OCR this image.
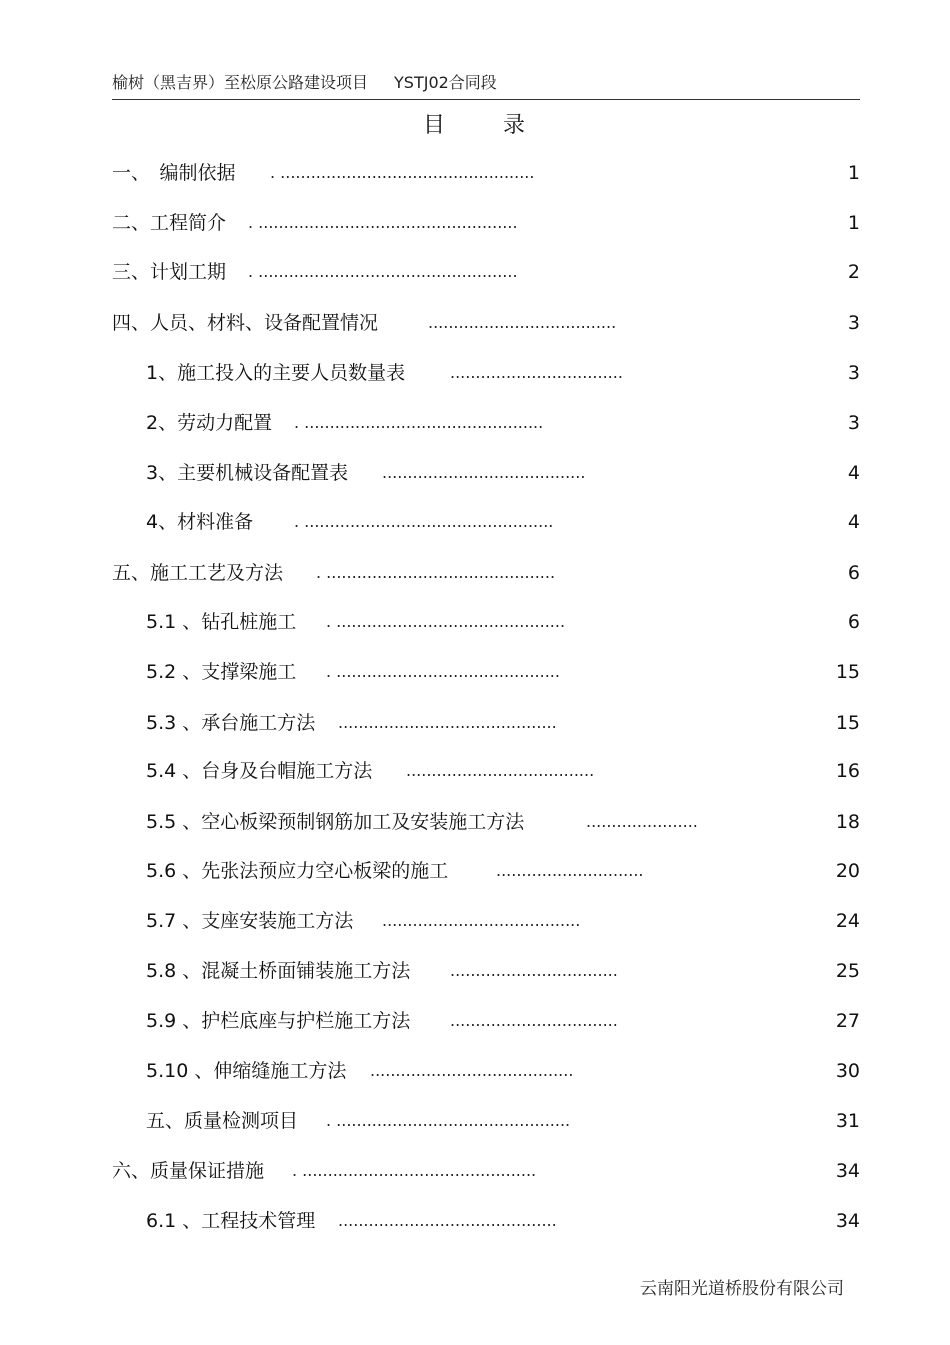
榆树（黑吉界）至松原公路建设项目 YSTJ02合同段
目	录
一、　编制依据 . ..................................................	1
二、工程简介 . ...................................................	1
三、计划工期 . ...................................................	2
四、人员、材料、设备配置情况	.....................................	3
1、施工投入的主要人员数量表	..................................	3
2、劳动力配置 . ...............................................	3
3、主要机械设备配置表 ........................................	4
4、材料准备	. .................................................	4
五、施工工艺及方法 . .............................................	6
5.1 、钻孔桩施工 . .............................................	6
5.2 、支撑梁施工 . ............................................	15
5.3 、承台施工方法 ...........................................	15
5.4 、台身及台帽施工方法 .....................................	16
5.5 、空心板梁预制钢筋加工及安装施工方法	......................	18
5.6 、先张法预应力空心板梁的施工	.............................	20
5.7 、支座安装施工方法 .......................................	24
5.8 、混凝土桥面铺装施工方法 .................................	25
5.9 、护栏底座与护栏施工方法 .................................	27
5.10 、伸缩缝施工方法 ........................................	30
五、质量检测项目 . ..............................................	31
六、质量保证措施 . ..............................................	34
6.1 、工程技术管理 ...........................................	34
云南阳光道桥股份有限公司
